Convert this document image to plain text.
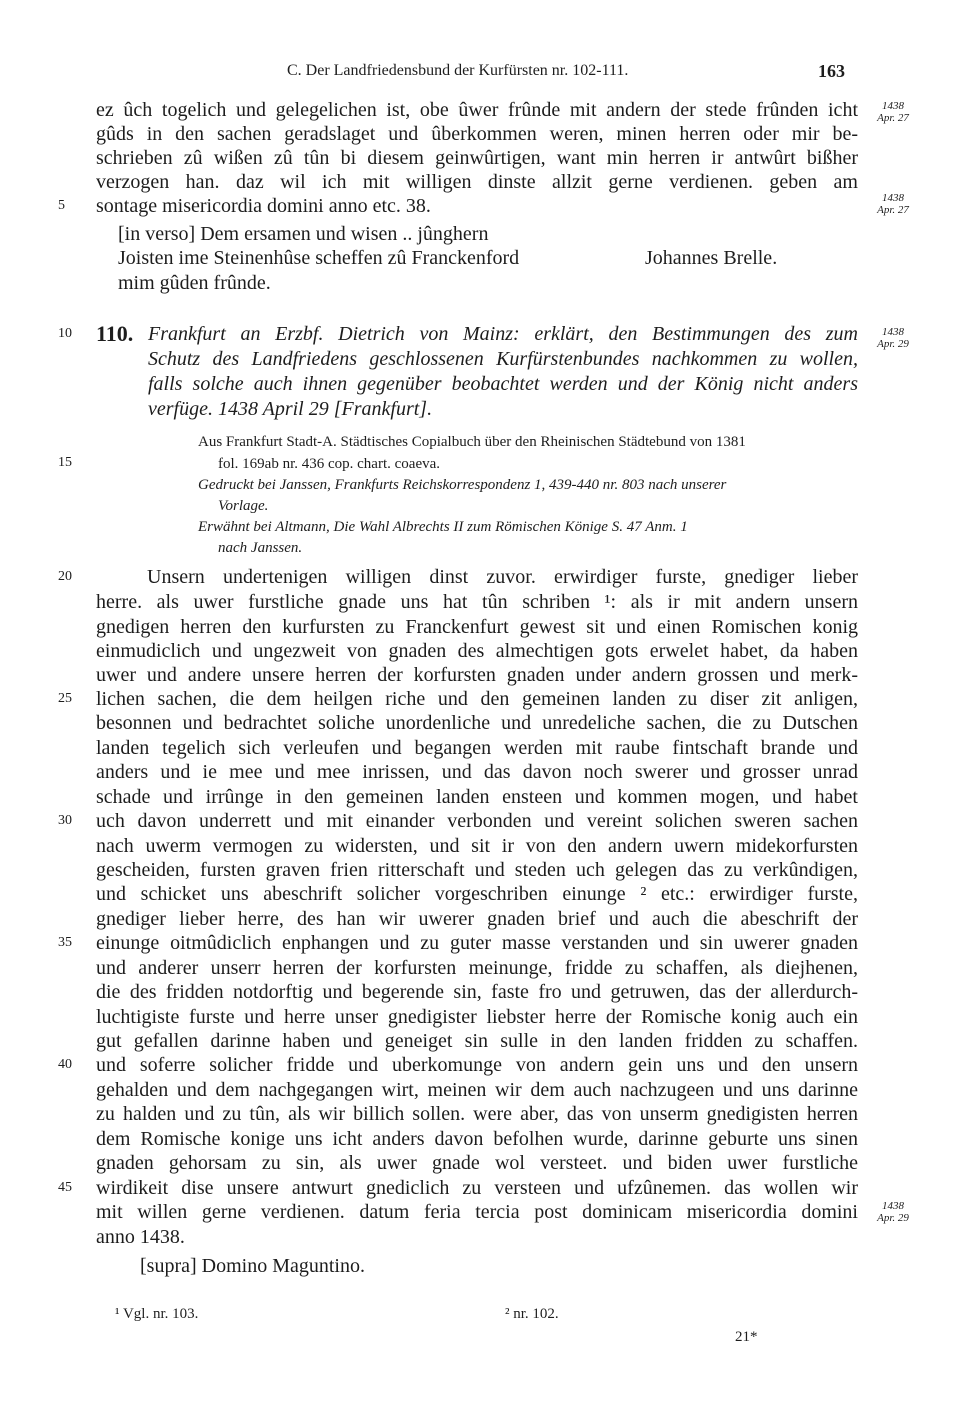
C. Der Landfriedensbund der Kurfürsten nr. 102-111.	163
ez ûch togelich und gelegelichen ist, obe ûwer frûnde mit andern der stede frûnden icht
gûds in den sachen geradslaget und ûberkommen weren, minen herren oder mir be-
schrieben zû wißen zû tûn bi diesem geinwûrtigen, want min herren ir antwûrt bißher
verzogen han. daz wil ich mit willigen dinste allzit gerne verdienen. geben am
sontage misericordia domini anno etc. 38.
5
1438
Apr. 27
1438
Apr. 27
[in verso] Dem ersamen und wisen .. jûnghern
Joisten ime Steinenhûse scheffen zû Franckenford
mim gûden frûnde.
Johannes Brelle.
10	110. Frankfurt an Erzbf. Dietrich von Mainz: erklärt, den Bestimmungen des zum
Schutz des Landfriedens geschlossenen Kurfürstenbundes nachkommen zu wollen,
falls solche auch ihnen gegenüber beobachtet werden und der König nicht anders
verfüge. 1438 April 29 [Frankfurt].
1438
Apr. 29
Aus Frankfurt Stadt-A. Städtisches Copialbuch über den Rheinischen Städtebund von 1381
15	fol. 169ab nr. 436 cop. chart. coaeva.
Gedruckt bei Janssen, Frankfurts Reichskorrespondenz 1, 439-440 nr. 803 nach unserer
Vorlage.
Erwähnt bei Altmann, Die Wahl Albrechts II zum Römischen Könige S. 47 Anm. 1
nach Janssen.
20	Unsern undertenigen willigen dinst zuvor. erwirdiger furste, gnediger lieber
herre. als uwer furstliche gnade uns hat tûn schriben ¹: als ir mit andern unsern
gnedigen herren den kurfursten zu Franckenfurt gewest sit und einen Romischen konig
einmudiclich und ungezweit von gnaden des almechtigen gots erwelet habet, da haben
uwer und andere unsere herren der korfursten gnaden under andern grossen und merk-
25	lichen sachen, die dem heilgen riche und den gemeinen landen zu diser zit anligen,
besonnen und bedrachtet soliche unordenliche und unredeliche sachen, die zu Dutschen
landen tegelich sich verleufen und begangen werden mit raube fintschaft brande und
anders und ie mee und mee inrissen, und das davon noch swerer und grosser unrad
schade und irrûnge in den gemeinen landen ensteen und kommen mogen, und habet
30	uch davon underrett und mit einander verbonden und vereint solichen sweren sachen
nach uwerm vermogen zu widersten, und sit ir von den andern uwern midekorfursten
gescheiden, fursten graven frien ritterschaft und steden uch gelegen das zu verkûndigen,
und schicket uns abeschrift solicher vorgeschriben einunge ² etc.: erwirdiger furste,
gnediger lieber herre, des han wir uwerer gnaden brief und auch die abeschrift der
35	einunge oitmûdiclich enphangen und zu guter masse verstanden und sin uwerer gnaden
und anderer unserr herren der korfursten meinunge, fridde zu schaffen, als diejhenen,
die des fridden notdorftig und begerende sin, faste fro und getruwen, das der allerdurch-
luchtigiste furste und herre unser gnedigister liebster herre der Romische konig auch ein
gut gefallen darinne haben und geneiget sin sulle in den landen fridden zu schaffen.
40	und soferre solicher fridde und uberkomunge von andern gein uns und den unsern
gehalden und dem nachgegangen wirt, meinen wir dem auch nachzugeen und uns darinne
zu halden und zu tûn, als wir billich sollen. were aber, das von unserm gnedigisten herren
dem Romische konige uns icht anders davon befolhen wurde, darinne geburte uns sinen
gnaden gehorsam zu sin, als uwer gnade wol versteet. und biden uwer furstliche
45	wirdikeit dise unsere antwurt gnediclich zu versteen und ufzûnemen. das wollen wir
mit willen gerne verdienen. datum feria tercia post dominicam misericordia domini
anno 1438.
1438
Apr. 29
[supra] Domino Maguntino.
¹ Vgl. nr. 103.	² nr. 102.
21*
